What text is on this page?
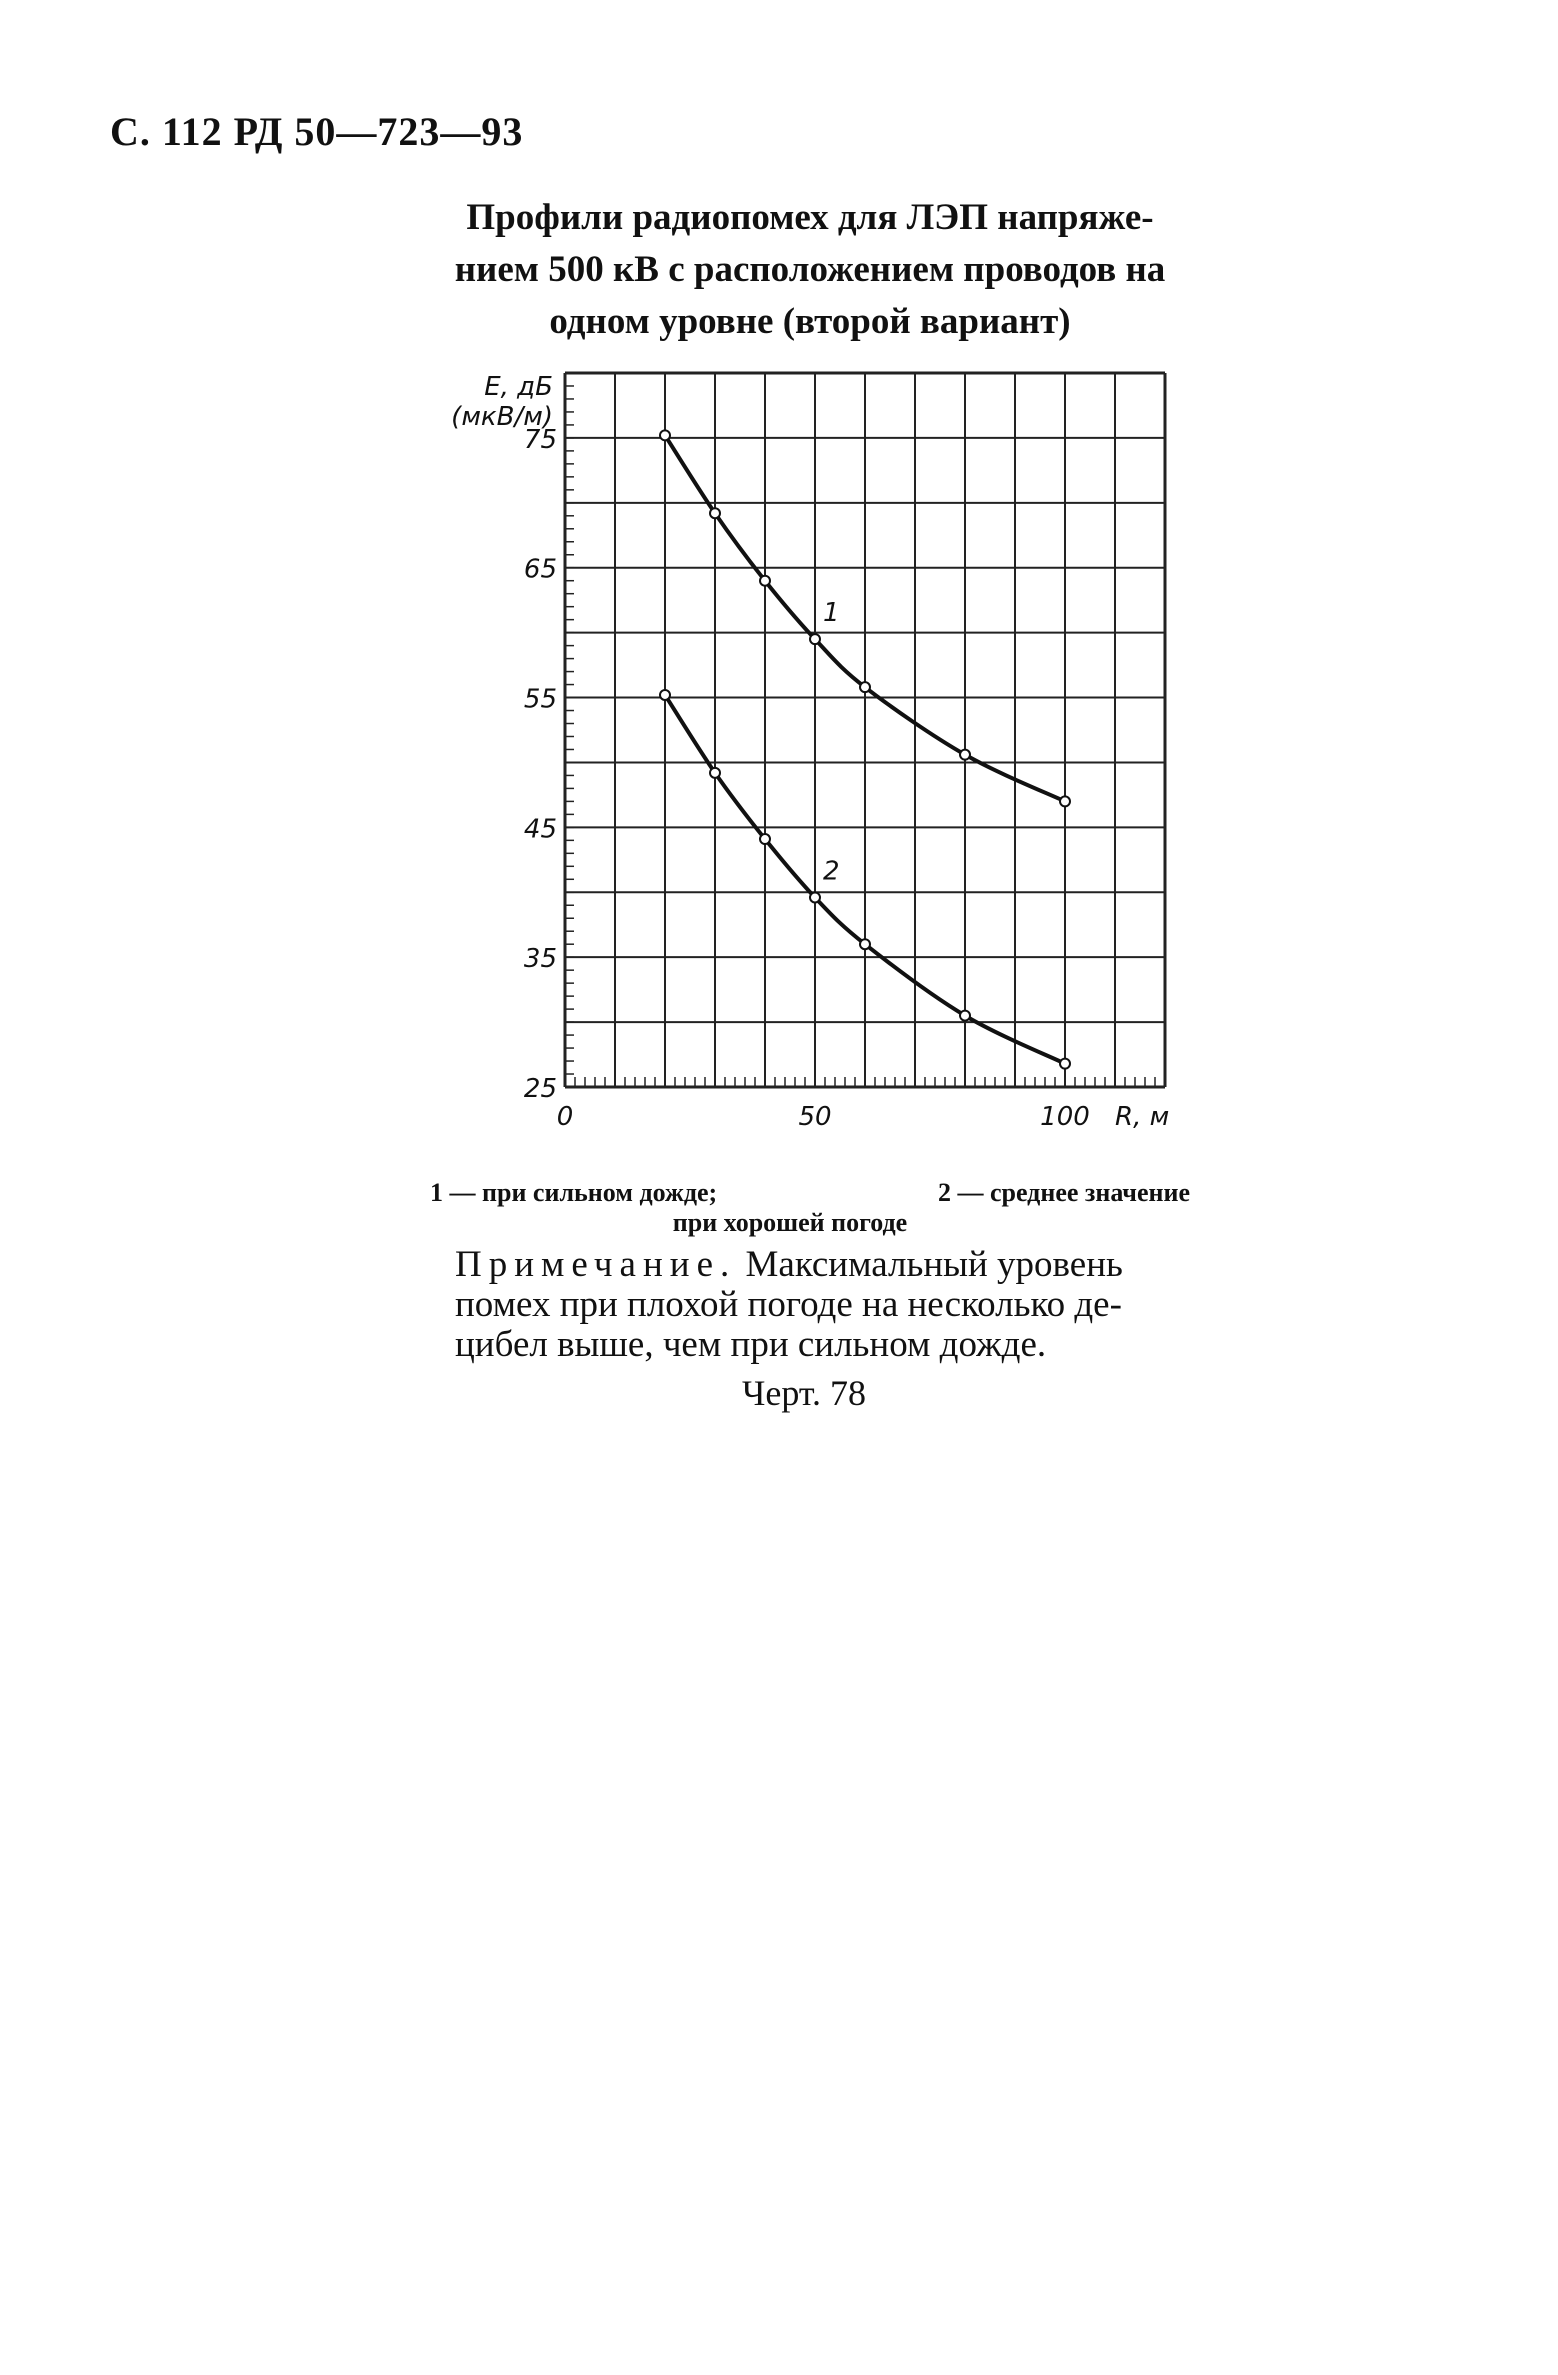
С. 112 РД 50—723—93
Профили радиопомех для ЛЭП напряже-
нием 500 кВ с расположением проводов на
одном уровне (второй вариант)
1
2
25
35
45
55
65
75
0	50	100
E, дБ
(мкВ/м)
R, м
1 — при сильном дожде;	2 — среднее значение
при хорошей погоде
Примечание. Максимальный уровень
помех при плохой погоде на несколько де-
цибел выше, чем при сильном дожде.
Черт. 78
